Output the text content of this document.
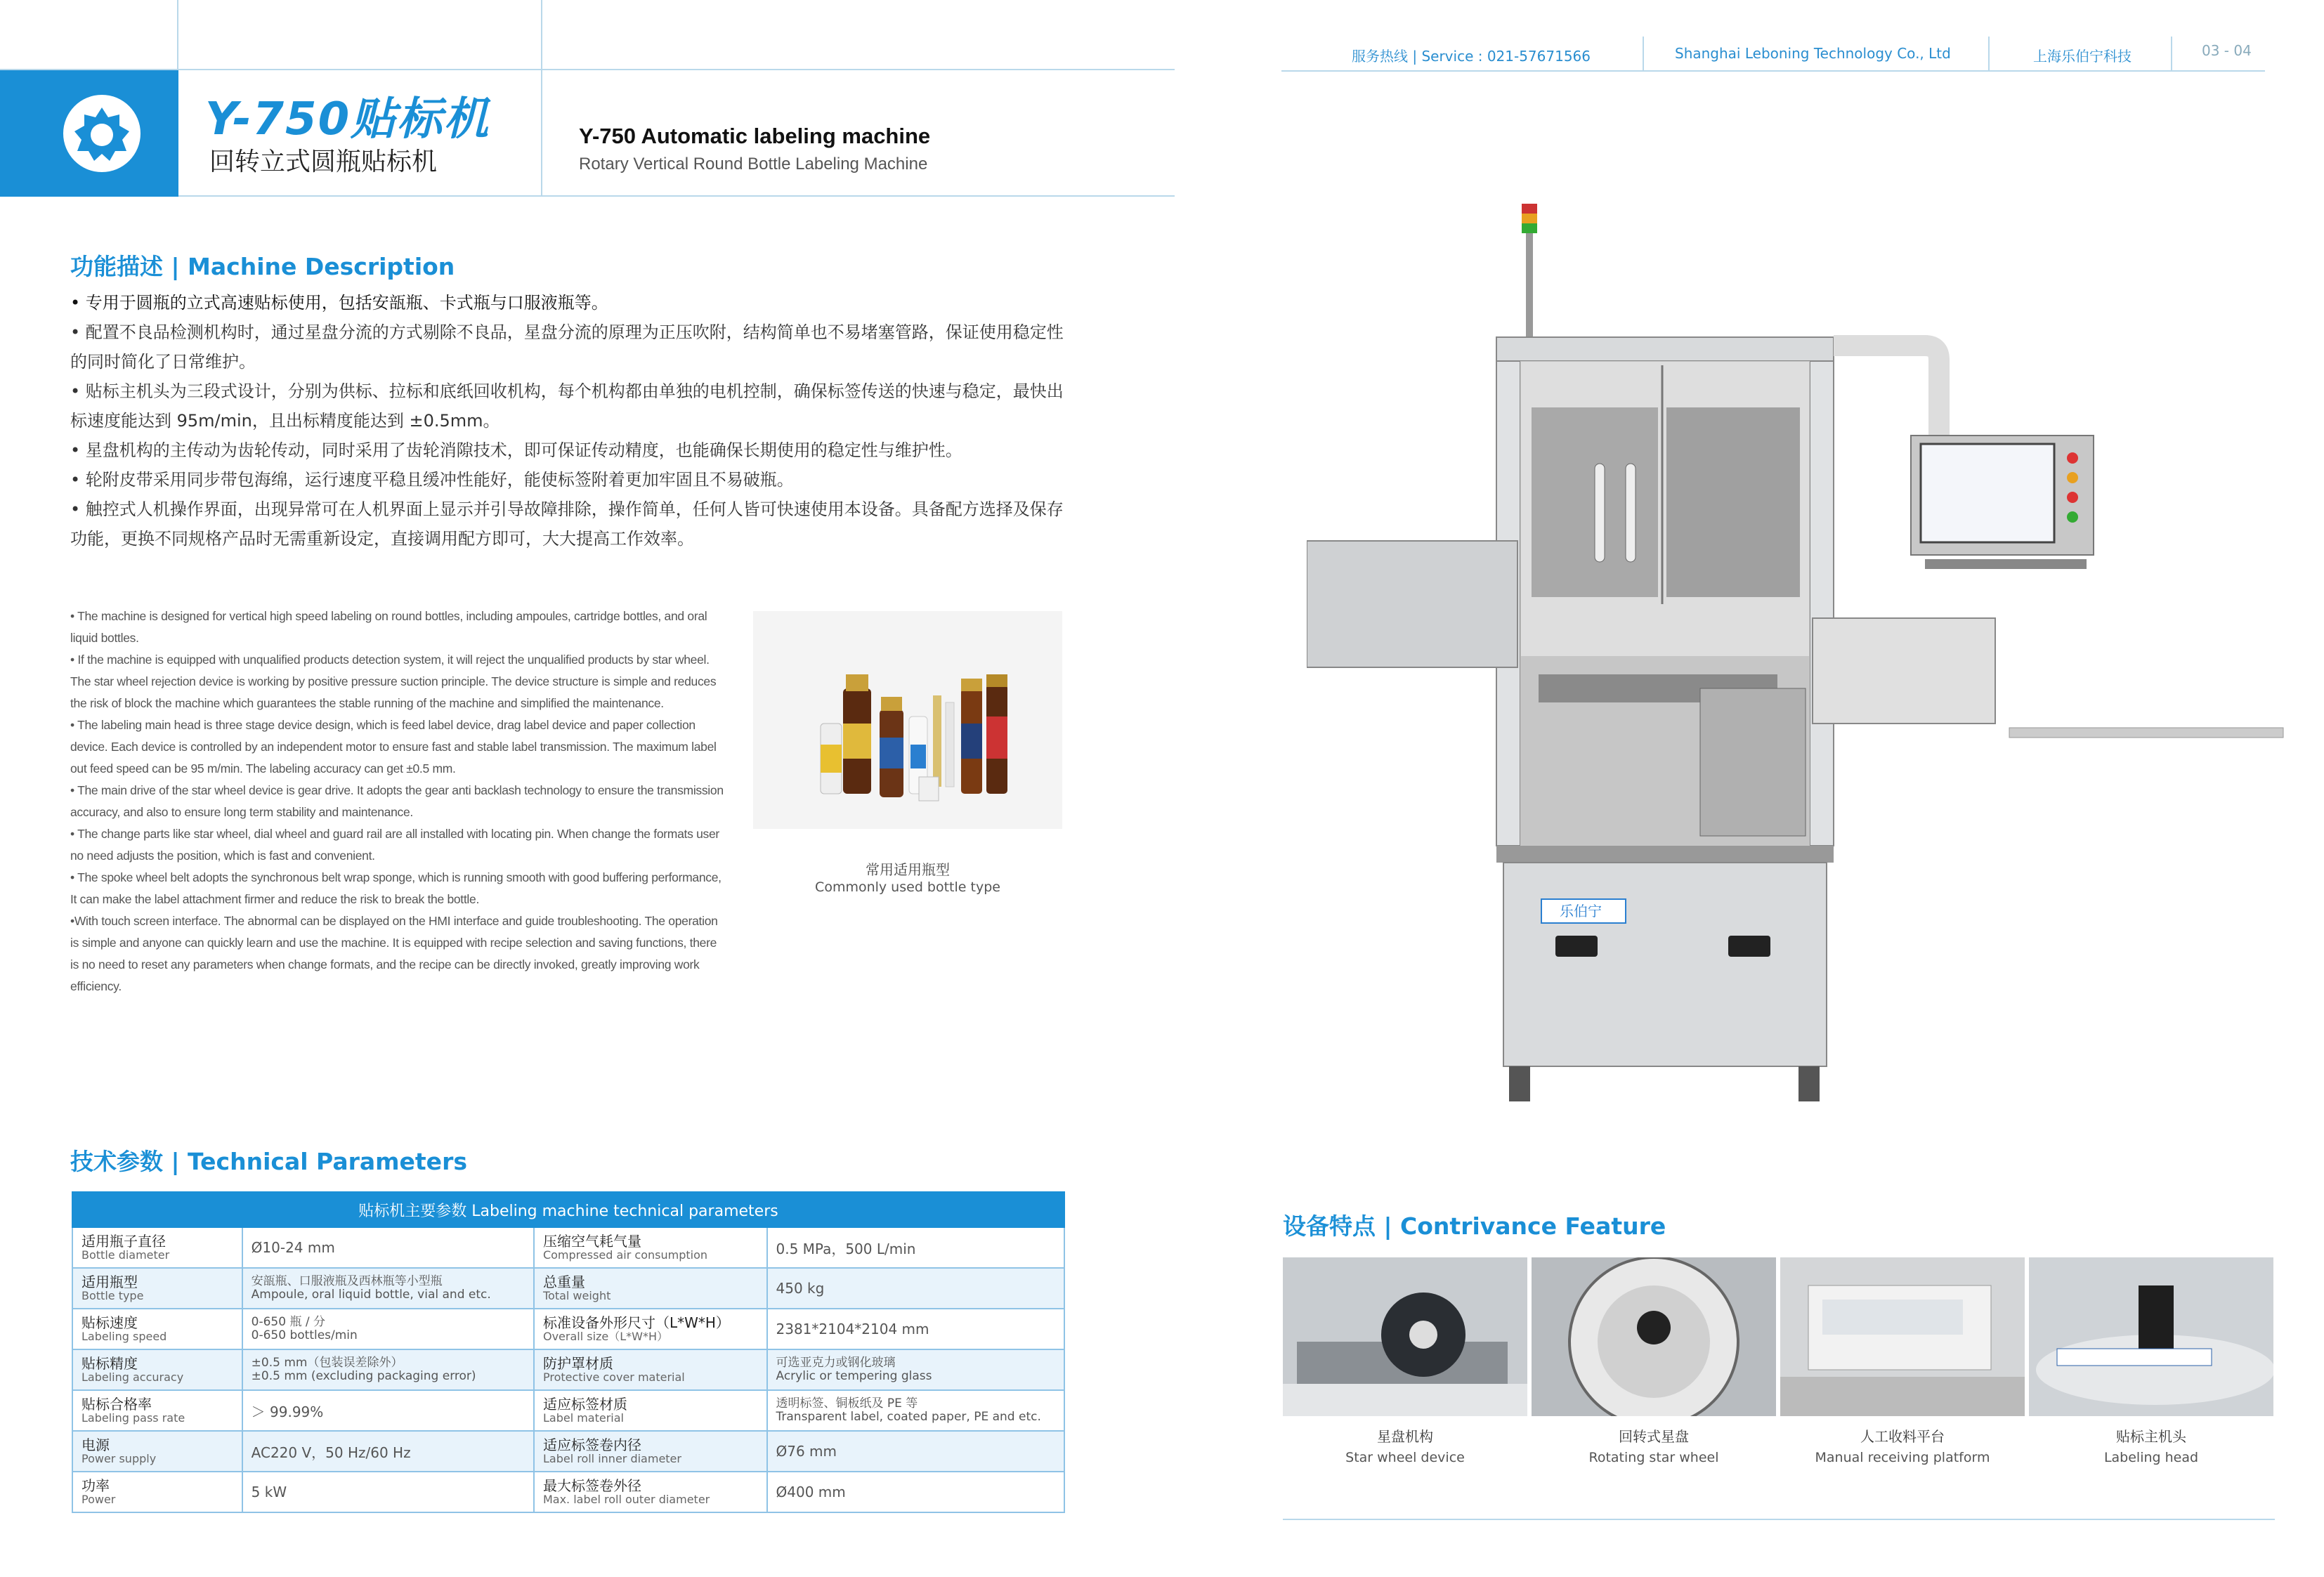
Y-750贴标机
回转立式圆瓶贴标机
Y-750 Automatic labeling machine
Rotary Vertical Round Bottle Labeling Machine
服务热线 | Service : 021-57671566	Shanghai Leboning Technology Co., Ltd	上海乐伯宁科技	03 - 04
功能描述 | Machine Description

• 专用于圆瓶的立式高速贴标使用，包括安瓿瓶、卡式瓶与口服液瓶等。

• 配置不良品检测机构时，通过星盘分流的方式剔除不良品，星盘分流的原理为正压吹附，结构简单也不易堵塞管路，保证使用稳定性的同时简化了日常维护。

• 贴标主机头为三段式设计，分别为供标、拉标和底纸回收机构，每个机构都由单独的电机控制，确保标签传送的快速与稳定，最快出标速度能达到 95m/min，且出标精度能达到 ±0.5mm。

• 星盘机构的主传动为齿轮传动，同时采用了齿轮消隙技术，即可保证传动精度，也能确保长期使用的稳定性与维护性。

• 轮附皮带采用同步带包海绵，运行速度平稳且缓冲性能好，能使标签附着更加牢固且不易破瓶。

• 触控式人机操作界面，出现异常可在人机界面上显示并引导故障排除，操作简单，任何人皆可快速使用本设备。具备配方选择及保存功能，更换不同规格产品时无需重新设定，直接调用配方即可，大大提高工作效率。

• The machine is designed for vertical high speed labeling on round bottles, including ampoules, cartridge bottles, and oral liquid bottles.

• If the machine is equipped with unqualified products detection system, it will reject the unqualified products by star wheel. The star wheel rejection device is working by positive pressure suction principle. The device structure is simple and reduces the risk of block the machine which guarantees the stable running of the machine and simplified the maintenance.

• The labeling main head is three stage device design, which is feed label device, drag label device and paper collection device. Each device is controlled by an independent motor to ensure fast and stable label transmission. The maximum label out feed speed can be 95 m/min. The labeling accuracy can get ±0.5 mm.

• The main drive of the star wheel device is gear drive. It adopts the gear anti backlash technology to ensure the transmission accuracy, and also to ensure long term stability and maintenance.

• The change parts like star wheel, dial wheel and guard rail are all installed with locating pin. When change the formats user no need adjusts the position, which is fast and convenient.

• The spoke wheel belt adopts the synchronous belt wrap sponge, which is running smooth with good buffering performance, It can make the label attachment firmer and reduce the risk to break the bottle.

•With touch screen interface. The abnormal can be displayed on the HMI interface and guide troubleshooting. The operation is simple and anyone can quickly learn and use the machine. It is equipped with recipe selection and saving functions, there is no need to reset any parameters when change formats, and the recipe can be directly invoked, greatly improving work efficiency.

常用适用瓶型
Commonly used bottle type
乐伯宁
技术参数 | Technical Parameters
贴标机主要参数 Labeling machine technical parameters			

适用瓶子直径
Bottle diameter	Ø10-24 mm	压缩空气耗气量
Compressed air consumption	0.5 MPa，500 L/min

适用瓶型
Bottle type	安瓿瓶、口服液瓶及西林瓶等小型瓶
Ampoule, oral liquid bottle, vial and etc.	总重量
Total weight	450 kg

贴标速度
Labeling speed	0-650 瓶 / 分
0-650 bottles/min	标准设备外形尺寸（L*W*H）
Overall size（L*W*H）	2381*2104*2104 mm

贴标精度
Labeling accuracy	±0.5 mm（包装误差除外）
±0.5 mm (excluding packaging error)	防护罩材质
Protective cover material	可选亚克力或钢化玻璃
Acrylic or tempering glass

贴标合格率
Labeling pass rate	＞ 99.99%	适应标签材质
Label material	透明标签、铜板纸及 PE 等
Transparent label, coated paper, PE and etc.

电源
Power supply	AC220 V，50 Hz/60 Hz	适应标签卷内径
Label roll inner diameter	Ø76 mm

功率
Power	5 kW	最大标签卷外径
Max. label roll outer diameter	Ø400 mm
设备特点 | Contrivance Feature
星盘机构
Star wheel device
回转式星盘
Rotating star wheel
人工收料平台
Manual receiving platform
贴标主机头
Labeling head
